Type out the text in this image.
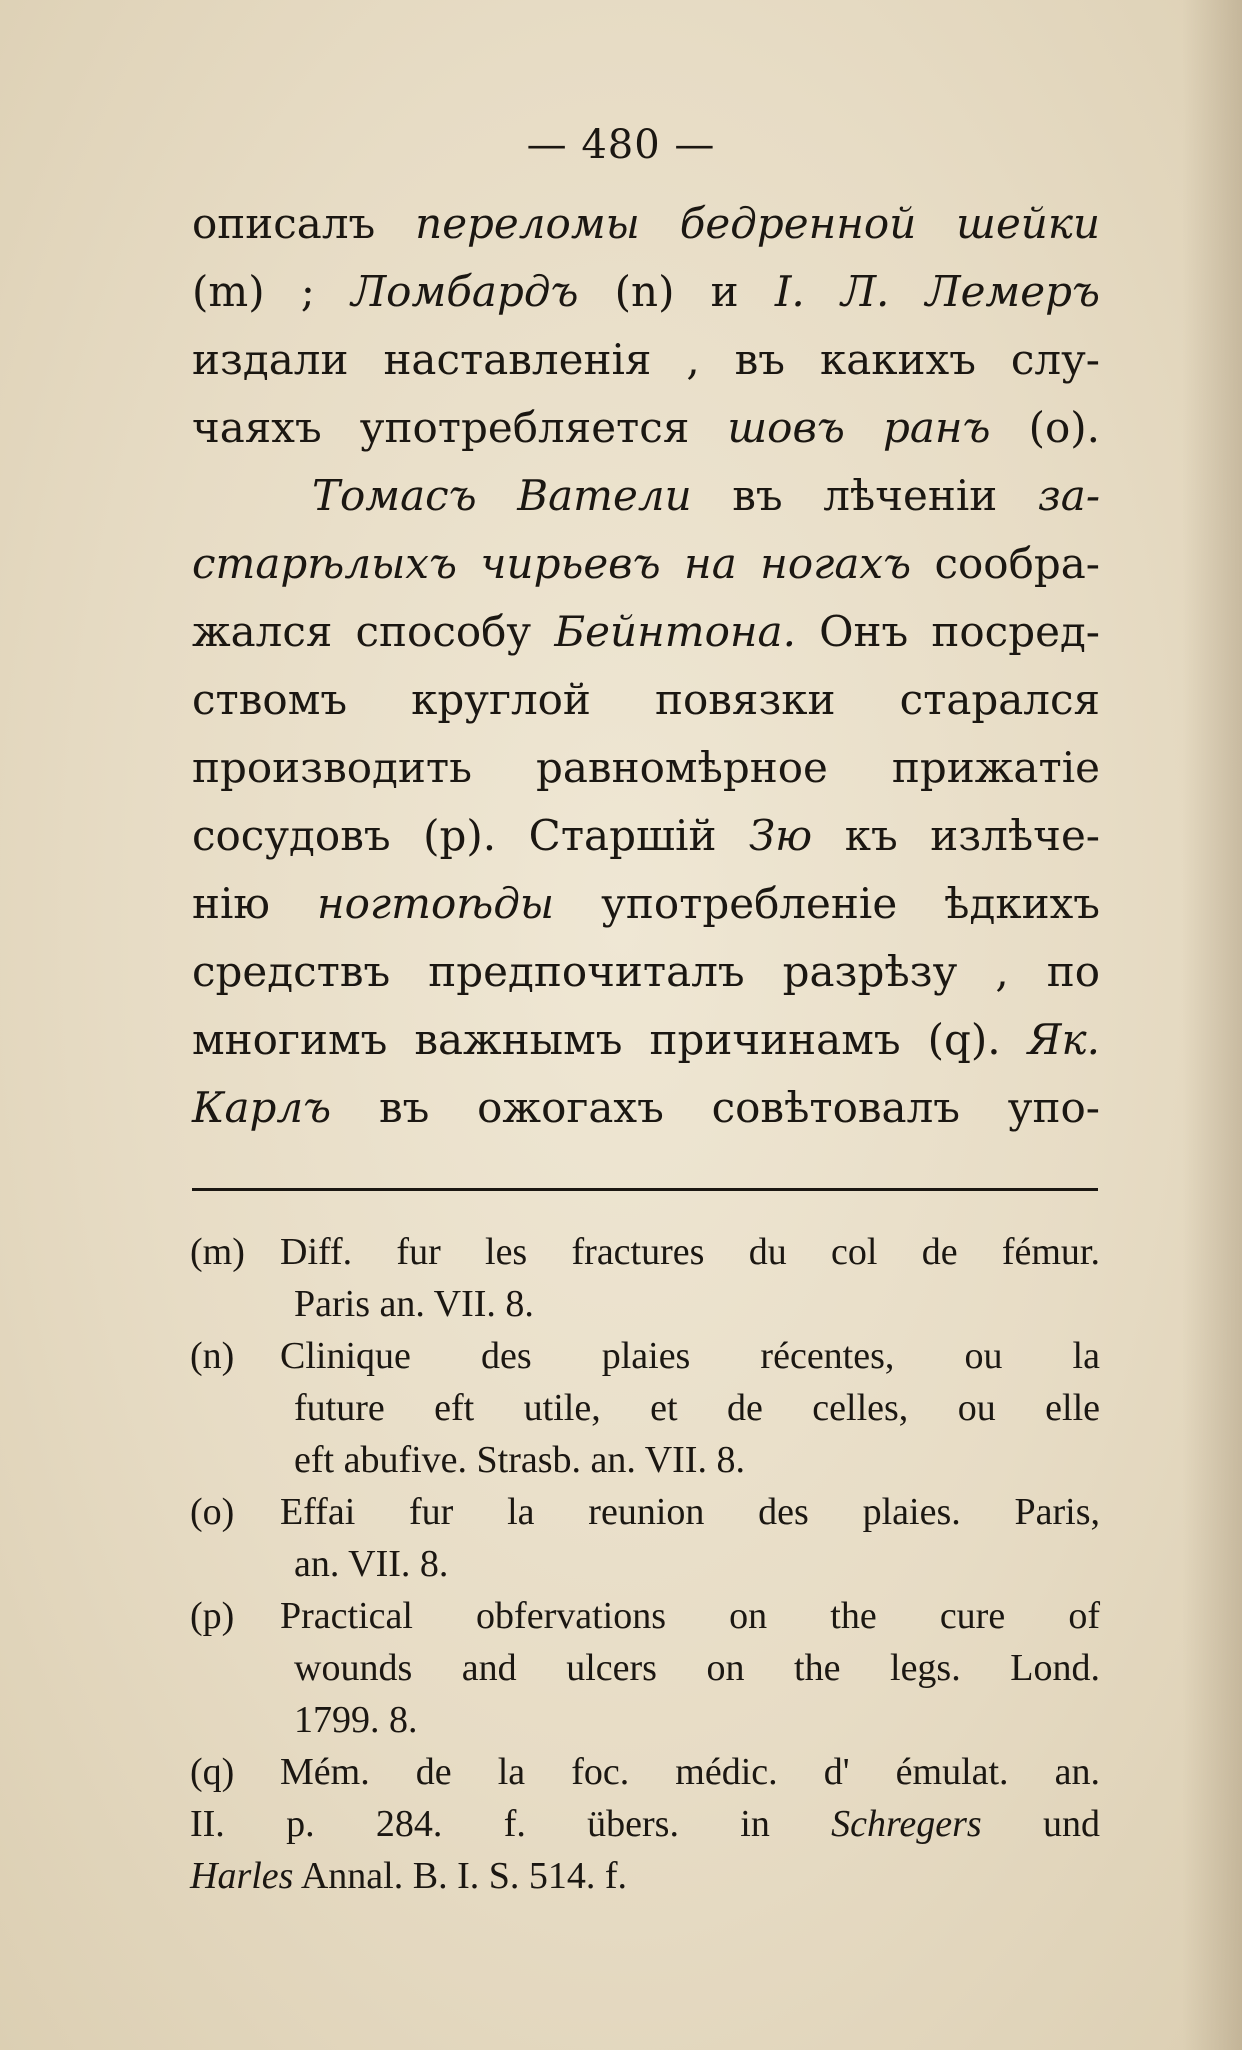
— 480 —
описалъ переломы бедренной шейки
(m) ; Ломбардъ (n) и I. Л. Лемеръ
издали наставленія , въ какихъ слу-
чаяхъ употребляется шовъ ранъ (о).
Томасъ Ватели въ лѣченіи за-
старѣлыхъ чирьевъ на ногахъ сообра-
жался способу Бейнтона. Онъ посред-
ствомъ круглой повязки старался
производить равномѣрное прижатіе
сосудовъ (р). Старшій Зю къ излѣче-
нію ногтоѣды употребленіе ѣдкихъ
средствъ предпочиталъ разрѣзу , по
многимъ важнымъ причинамъ (q). Як.
Карлъ въ ожогахъ совѣтовалъ упо-
(m) Diff. fur les fractures du col de fémur.
Paris an. VII. 8.
(n)	Clinique des plaies récentes, ou la
future eft utile, et de celles, ou elle
eft abufive. Strasb. an. VII. 8.
(o)	Effai fur la reunion des plaies. Paris,
an. VII. 8.
(p)	Practical obfervations on the cure of
wounds and ulcers on the legs. Lond.
1799. 8.
(q)	Mém. de la foc. médic. d' émulat. an.
II. p. 284. f. übers. in Schregers und
Harles Annal. B. I. S. 514. f.
